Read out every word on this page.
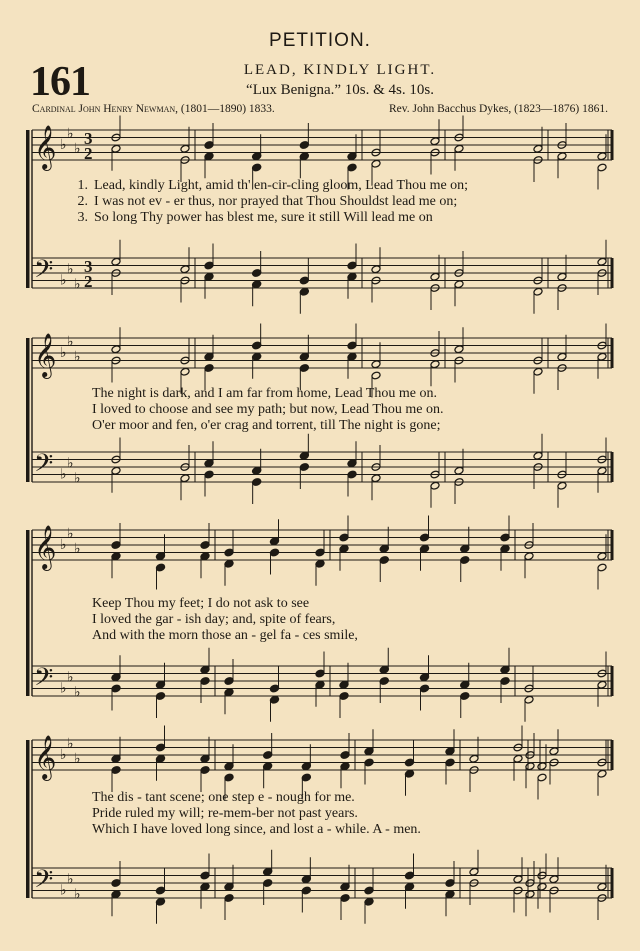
PETITION.
161	LEAD, KINDLY LIGHT.
“Lux Benigna.” 10s. & 4s. 10s.
Cardinal John Henry Newman, (1801—1890) 1833.	Rev. John Bacchus Dykes, (1823—1876) 1861.
𝄞
𝄢
♭
♭
♭
♭
♭
♭
3
2
3
2
𝄞
𝄢
♭
♭
♭
♭
♭
♭
𝄞
𝄢
♭
♭
♭
♭
♭
♭
𝄞
𝄢
♭
♭
♭
♭
♭
♭
1. Lead, kindly Light, amid th' en-cir-cling gloom, Lead Thou me on;
2. I was not ev - er thus, nor prayed that Thou Shouldst lead me on;
3. So long Thy power has blest me, sure it still Will lead me on
The night is dark, and I am far from home, Lead Thou me on.
I loved to choose and see my path; but now, Lead Thou me on.
O'er moor and fen, o'er crag and torrent, till The night is gone;
Keep Thou my feet; I do not ask to see
I loved the gar - ish day; and, spite of fears,
And with the morn those an - gel fa - ces smile,
The dis - tant scene; one step e - nough for me.
Pride ruled my will; re-mem-ber not past years.
Which I have loved long since, and lost a - while. A - men.
